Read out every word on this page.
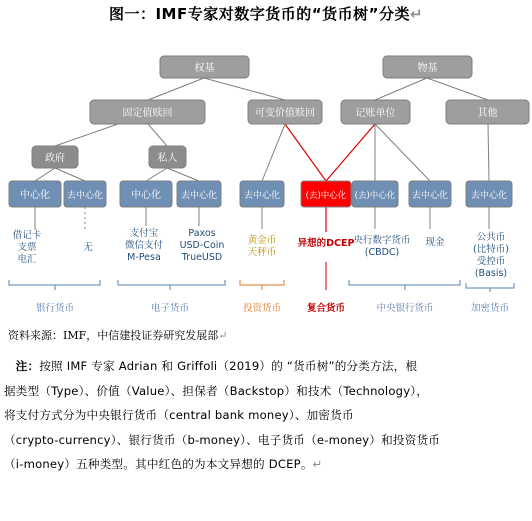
图一：IMF专家对数字货币的“货币树”分类↵
权基	物基
固定值赎回	可变价值赎回	记账单位	其他
政府	私人
中心化 去中心化	中心化 去中心化	去中心化	(去)中心化 (去)中心化 去中心化	去中心化
借记卡
支票
电汇
无
支付宝
微信支付
M-Pesa
Paxos
USD-Coin
TrueUSD
黄金币
天秤币
异想的DCEP 央行数字货币
(CBDC)
现金	公共币
(比特币)
受控币
(Basis)
银行货币	电子货币	投资货币	复合货币	中央银行货币	加密货币
资料来源：IMF，中信建投证券研究发展部↵
注：按照 IMF 专家 Adrian 和 Griffoli（2019）的 “货币树”的分类方法，根
据类型（Type）、价值（Value）、担保者（Backstop）和技术（Technology），
将支付方式分为中央银行货币（central bank money）、加密货币
（crypto-currency）、银行货币（b-money）、电子货币（e-money）和投资货币
（i-money）五种类型。其中红色的为本文异想的 DCEP。↵
